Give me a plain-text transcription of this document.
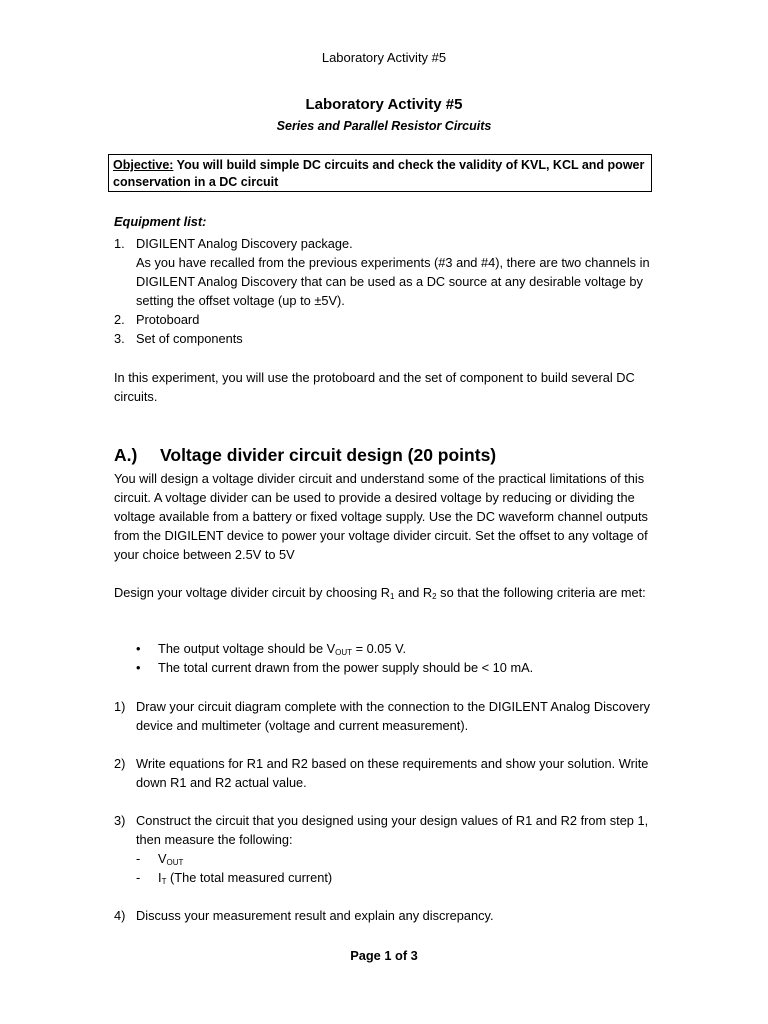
Laboratory Activity #5
Laboratory Activity #5
Series and Parallel Resistor Circuits
Objective: You will build simple DC circuits and check the validity of KVL, KCL and power conservation in a DC circuit
Equipment list:
1. DIGILENT Analog Discovery package.
As you have recalled from the previous experiments (#3 and #4), there are two channels in DIGILENT Analog Discovery that can be used as a DC source at any desirable voltage by setting the offset voltage (up to ±5V).
2. Protoboard
3. Set of components
In this experiment, you will use the protoboard and the set of component to build several DC circuits.
A.) Voltage divider circuit design (20 points)
You will design a voltage divider circuit and understand some of the practical limitations of this circuit. A voltage divider can be used to provide a desired voltage by reducing or dividing the voltage available from a battery or fixed voltage supply. Use the DC waveform channel outputs from the DIGILENT device to power your voltage divider circuit. Set the offset to any voltage of your choice between 2.5V to 5V
Design your voltage divider circuit by choosing $R_1$ and $R_2$ so that the following criteria are met:
• The output voltage should be $V_{OUT} = 0.05$ V.
• The total current drawn from the power supply should be < 10 mA.
1) Draw your circuit diagram complete with the connection to the DIGILENT Analog Discovery device and multimeter (voltage and current measurement).
2) Write equations for R1 and R2 based on these requirements and show your solution. Write down R1 and R2 actual value.
3) Construct the circuit that you designed using your design values of R1 and R2 from step 1, then measure the following:
- $V_{OUT}$
- $I_T$ (The total measured current)
4) Discuss your measurement result and explain any discrepancy.
Page 1 of 3
